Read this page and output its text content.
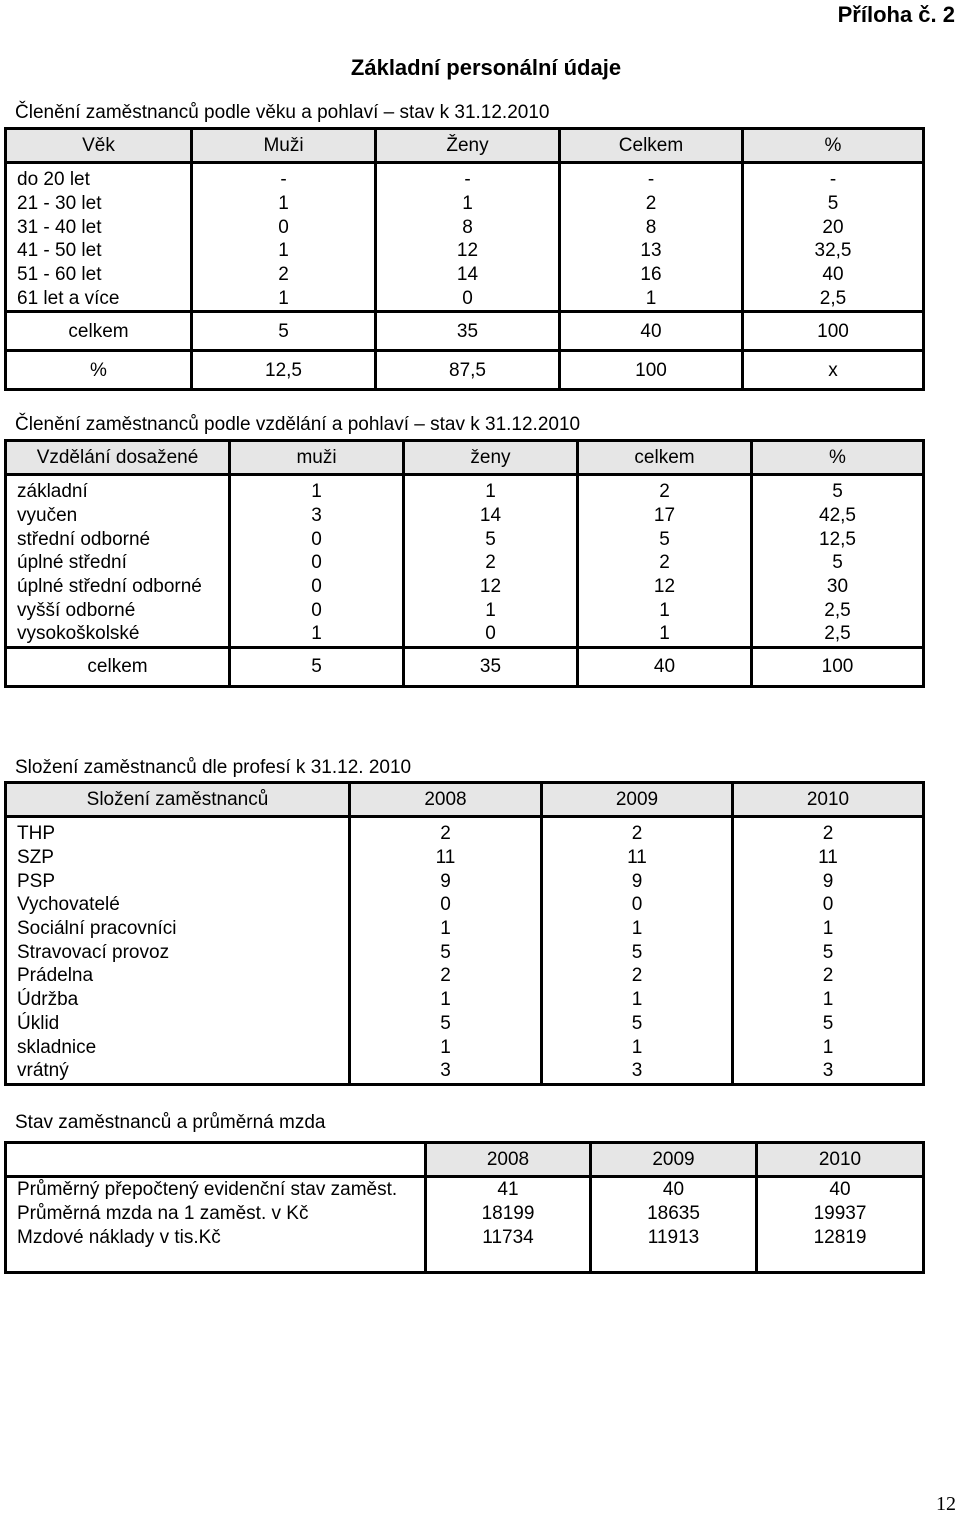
Příloha č. 2
Základní personální údaje
Členění zaměstnanců podle věku a pohlaví – stav k 31.12.2010
Věk	Muži	Ženy	Celkem	%

do 20 let	-	-	-	-
21 - 30 let	1	1	2	5
31 - 40 let	0	8	8	20
41 - 50 let	1	12	13	32,5
51 - 60 let	2	14	16	40
61 let a více	1	0	1	2,5
celkem	5	35	40	100
%	12,5	87,5	100	x
Členění zaměstnanců podle vzdělání a pohlaví – stav k 31.12.2010
Vzdělání dosažené	muži	ženy	celkem	%

základní	1	1	2	5
vyučen	3	14	17	42,5
střední odborné	0	5	5	12,5
úplné střední	0	2	2	5
úplné střední odborné	0	12	12	30
vyšší odborné	0	1	1	2,5
vysokoškolské	1	0	1	2,5
celkem	5	35	40	100
Složení zaměstnanců dle profesí k 31.12. 2010
Složení zaměstnanců	2008	2009	2010

THP	2	2	2
SZP	11	11	11
PSP	9	9	9
Vychovatelé	0	0	0
Sociální pracovníci	1	1	1
Stravovací provoz	5	5	5
Prádelna	2	2	2
Údržba	1	1	1
Úklid	5	5	5
skladnice	1	1	1
vrátný	3	3	3
Stav zaměstnanců a průměrná mzda
	2008	2009	2010
Průměrný přepočtený evidenční stav zaměst.	41	40	40
Průměrná mzda na 1 zaměst. v Kč	18199	18635	19937
Mzdové náklady v tis.Kč	11734	11913	12819

12
